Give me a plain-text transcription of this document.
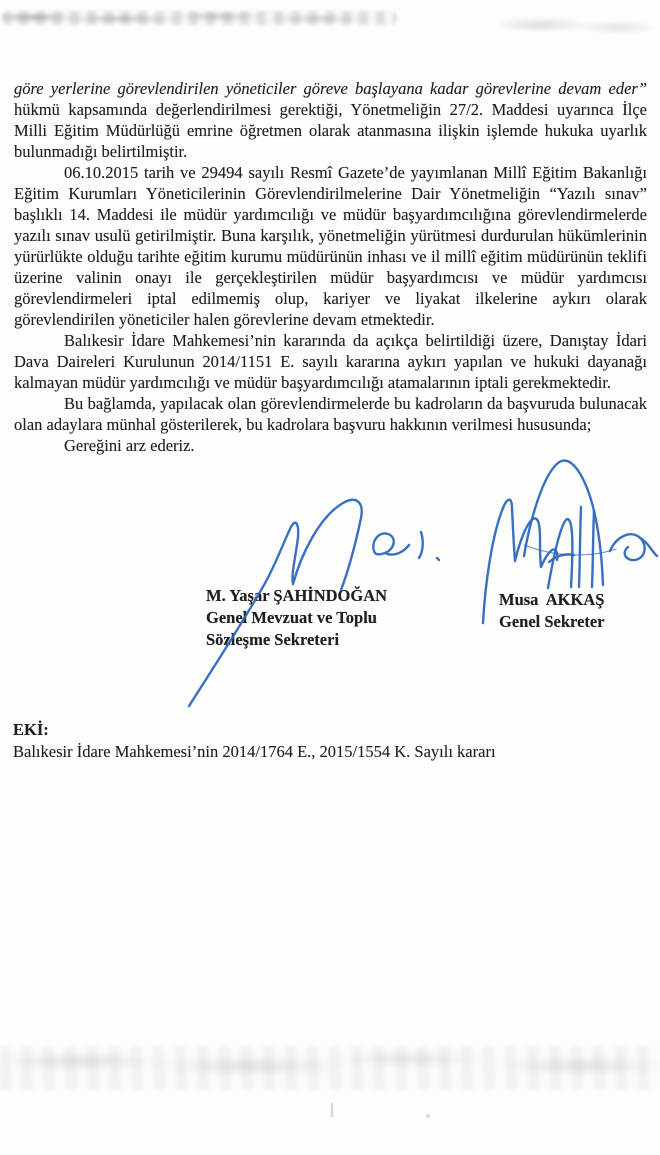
göre yerlerine görevlendirilen yöneticiler göreve başlayana kadar görevlerine devam eder” hükmü kapsamında değerlendirilmesi gerektiği, Yönetmeliğin 27/2. Maddesi uyarınca İlçe Milli Eğitim Müdürlüğü emrine öğretmen olarak atanmasına ilişkin işlemde hukuka uyarlık bulunmadığı belirtilmiştir.

06.10.2015 tarih ve 29494 sayılı Resmî Gazete’de yayımlanan Millî Eğitim Bakanlığı Eğitim Kurumları Yöneticilerinin Görevlendirilmelerine Dair Yönetmeliğin “Yazılı sınav” başlıklı 14. Maddesi ile müdür yardımcılığı ve müdür başyardımcılığına görevlendirmelerde yazılı sınav usulü getirilmiştir. Buna karşılık, yönetmeliğin yürütmesi durdurulan hükümlerinin yürürlükte olduğu tarihte eğitim kurumu müdürünün inhası ve il millî eğitim müdürünün teklifi üzerine valinin onayı ile gerçekleştirilen müdür başyardımcısı ve müdür yardımcısı görevlendirmeleri iptal edilmemiş olup, kariyer ve liyakat ilkelerine aykırı olarak görevlendirilen yöneticiler halen görevlerine devam etmektedir.

Balıkesir İdare Mahkemesi’nin kararında da açıkça belirtildiği üzere, Danıştay İdari Dava Daireleri Kurulunun 2014/1151 E. sayılı kararına aykırı yapılan ve hukuki dayanağı kalmayan müdür yardımcılığı ve müdür başyardımcılığı atamalarının iptali gerekmektedir.

Bu bağlamda, yapılacak olan görevlendirmelerde bu kadroların da başvuruda bulunacak olan adaylara münhal gösterilerek, bu kadrolara başvuru hakkının verilmesi hususunda;

Gereğini arz ederiz.

M. Yaşar ŞAHİNDOĞAN
Genel Mevzuat ve Toplu
Sözleşme Sekreteri
Musa  AKKAŞ
Genel Sekreter
EKİ:
Balıkesir İdare Mahkemesi’nin 2014/1764 E., 2015/1554 K. Sayılı kararı
